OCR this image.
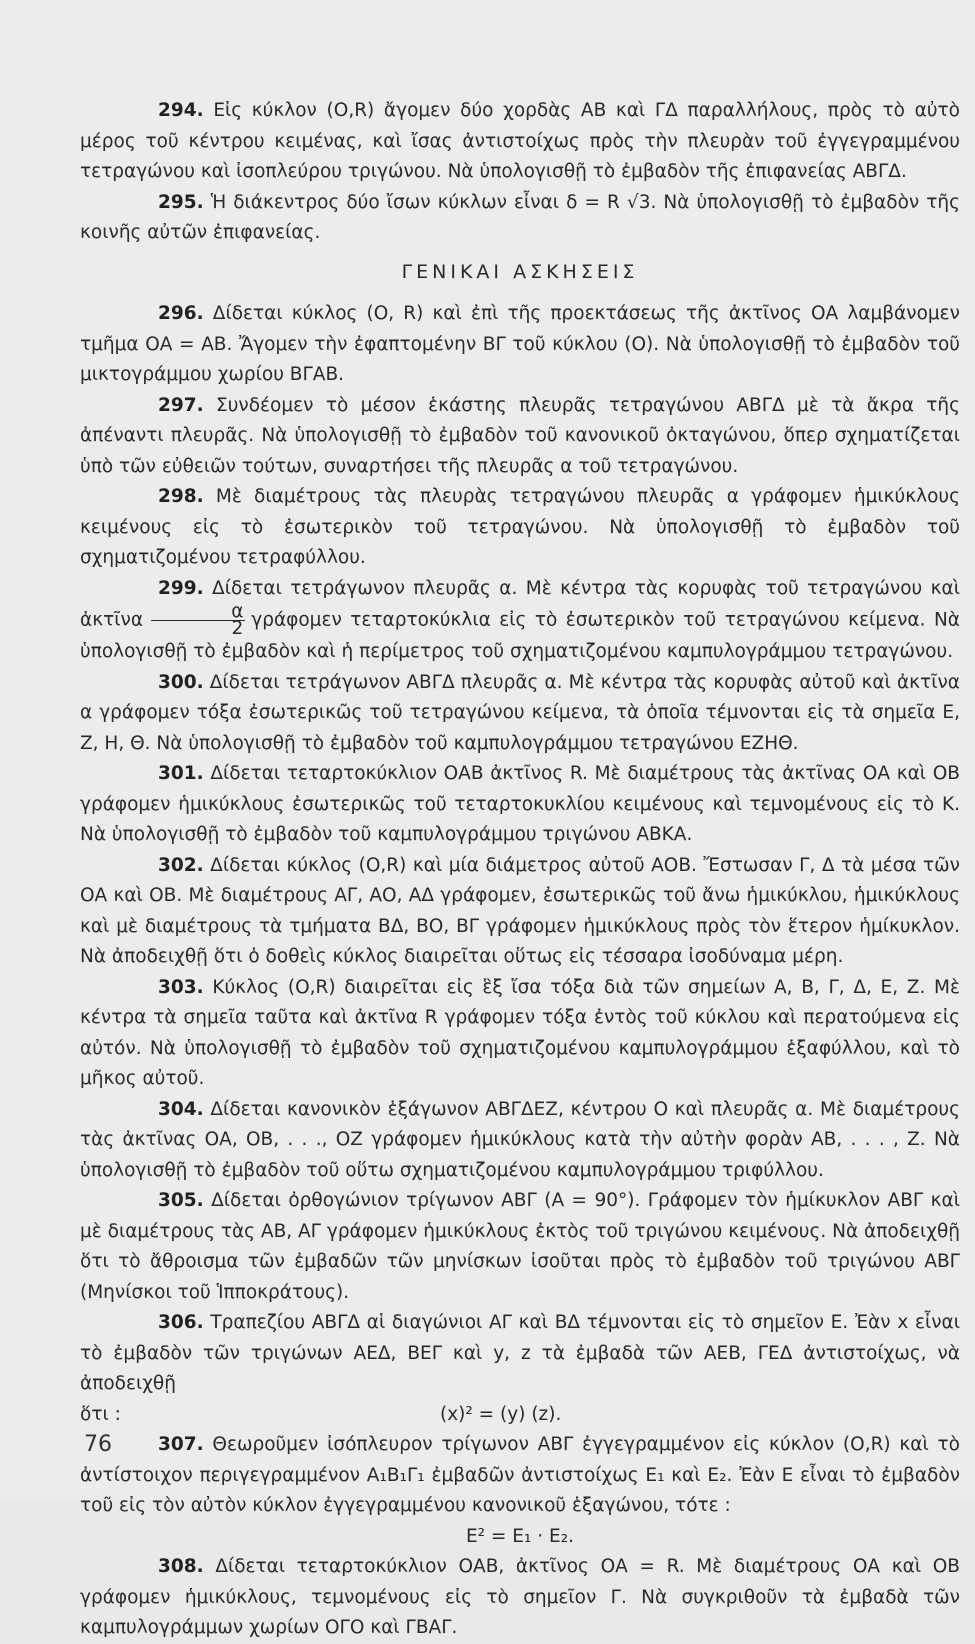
294. Εἰς κύκλον (O,R) ἄγομεν δύο χορδὰς ΑΒ καὶ ΓΔ παραλλήλους, πρὸς τὸ αὐτὸ μέρος τοῦ κέντρου κειμένας, καὶ ἴσας ἀντιστοίχως πρὸς τὴν πλευρὰν τοῦ ἐγγεγραμμένου τετραγώνου καὶ ἰσοπλεύρου τριγώνου. Νὰ ὑπολογισθῇ τὸ ἐμβαδὸν τῆς ἐπιφανείας ΑΒΓΔ.

295. Ἡ διάκεντρος δύο ἴσων κύκλων εἶναι δ = R √3. Νὰ ὑπολογισθῇ τὸ ἐμβαδὸν τῆς κοινῆς αὐτῶν ἐπιφανείας.

ΓΕΝΙΚΑΙ ΑΣΚΗΣΕΙΣ

296. Δίδεται κύκλος (Ο, R) καὶ ἐπὶ τῆς προεκτάσεως τῆς ἀκτῖνος ΟΑ λαμβάνομεν τμῆμα ΟΑ = ΑΒ. Ἄγομεν τὴν ἐφαπτομένην ΒΓ τοῦ κύκλου (Ο). Νὰ ὑπολογισθῇ τὸ ἐμβαδὸν τοῦ μικτογράμμου χωρίου ΒΓΑΒ.

297. Συνδέομεν τὸ μέσον ἑκάστης πλευρᾶς τετραγώνου ΑΒΓΔ μὲ τὰ ἄκρα τῆς ἀπέναντι πλευρᾶς. Νὰ ὑπολογισθῇ τὸ ἐμβαδὸν τοῦ κανονικοῦ ὀκταγώνου, ὅπερ σχηματίζεται ὑπὸ τῶν εὐθειῶν τούτων, συναρτήσει τῆς πλευρᾶς α τοῦ τετραγώνου.

298. Μὲ διαμέτρους τὰς πλευρὰς τετραγώνου πλευρᾶς α γράφομεν ἡμικύκλους κειμένους εἰς τὸ ἐσωτερικὸν τοῦ τετραγώνου. Νὰ ὑπολογισθῇ τὸ ἐμβαδὸν τοῦ σχηματιζομένου τετραφύλλου.

299. Δίδεται τετράγωνον πλευρᾶς α. Μὲ κέντρα τὰς κορυφὰς τοῦ τετραγώνου καὶ ἀκτῖνα $\frac{\alpha}{2}$ γράφομεν τεταρτοκύκλια εἰς τὸ ἐσωτερικὸν τοῦ τετραγώνου κείμενα. Νὰ ὑπολογισθῇ τὸ ἐμβαδὸν καὶ ἡ περίμετρος τοῦ σχηματιζομένου καμπυλογράμμου τετραγώνου.

300. Δίδεται τετράγωνον ΑΒΓΔ πλευρᾶς α. Μὲ κέντρα τὰς κορυφὰς αὐτοῦ καὶ ἀκτῖνα α γράφομεν τόξα ἐσωτερικῶς τοῦ τετραγώνου κείμενα, τὰ ὁποῖα τέμνονται εἰς τὰ σημεῖα Ε, Ζ, Η, Θ. Νὰ ὑπολογισθῇ τὸ ἐμβαδὸν τοῦ καμπυλογράμμου τετραγώνου ΕΖΗΘ.

301. Δίδεται τεταρτοκύκλιον ΟΑΒ ἀκτῖνος R. Μὲ διαμέτρους τὰς ἀκτῖνας ΟΑ καὶ ΟΒ γράφομεν ἡμικύκλους ἐσωτερικῶς τοῦ τεταρτοκυκλίου κειμένους καὶ τεμνομένους εἰς τὸ Κ. Νὰ ὑπολογισθῇ τὸ ἐμβαδὸν τοῦ καμπυλογράμμου τριγώνου ΑΒΚΑ.

302. Δίδεται κύκλος (Ο,R) καὶ μία διάμετρος αὐτοῦ ΑΟΒ. Ἔστωσαν Γ, Δ τὰ μέσα τῶν ΟΑ καὶ ΟΒ. Μὲ διαμέτρους ΑΓ, ΑΟ, ΑΔ γράφομεν, ἐσωτερικῶς τοῦ ἄνω ἡμικύκλου, ἡμικύκλους καὶ μὲ διαμέτρους τὰ τμήματα ΒΔ, ΒΟ, ΒΓ γράφομεν ἡμικύκλους πρὸς τὸν ἕτερον ἡμίκυκλον. Νὰ ἀποδειχθῇ ὅτι ὁ δοθεὶς κύκλος διαιρεῖται οὕτως εἰς τέσσαρα ἰσοδύναμα μέρη.

303. Κύκλος (Ο,R) διαιρεῖται εἰς ἓξ ἴσα τόξα διὰ τῶν σημείων Α, Β, Γ, Δ, Ε, Ζ. Μὲ κέντρα τὰ σημεῖα ταῦτα καὶ ἀκτῖνα R γράφομεν τόξα ἐντὸς τοῦ κύκλου καὶ περατούμενα εἰς αὐτόν. Νὰ ὑπολογισθῇ τὸ ἐμβαδὸν τοῦ σχηματιζομένου καμπυλογράμμου ἑξαφύλλου, καὶ τὸ μῆκος αὐτοῦ.

304. Δίδεται κανονικὸν ἑξάγωνον ΑΒΓΔΕΖ, κέντρου Ο καὶ πλευρᾶς α. Μὲ διαμέτρους τὰς ἀκτῖνας ΟΑ, ΟΒ, . . ., ΟΖ γράφομεν ἡμικύκλους κατὰ τὴν αὐτὴν φορὰν ΑΒ, . . . , Ζ. Νὰ ὑπολογισθῇ τὸ ἐμβαδὸν τοῦ οὕτω σχηματιζομένου καμπυλογράμμου τριφύλλου.

305. Δίδεται ὀρθογώνιον τρίγωνον ΑΒΓ (Α = 90°). Γράφομεν τὸν ἡμίκυκλον ΑΒΓ καὶ μὲ διαμέτρους τὰς ΑΒ, ΑΓ γράφομεν ἡμικύκλους ἐκτὸς τοῦ τριγώνου κειμένους. Νὰ ἀποδειχθῇ ὅτι τὸ ἄθροισμα τῶν ἐμβαδῶν τῶν μηνίσκων ἰσοῦται πρὸς τὸ ἐμβαδὸν τοῦ τριγώνου ΑΒΓ (Μηνίσκοι τοῦ Ἱπποκράτους).

306. Τραπεζίου ΑΒΓΔ αἱ διαγώνιοι ΑΓ καὶ ΒΔ τέμνονται εἰς τὸ σημεῖον Ε. Ἐὰν x εἶναι τὸ ἐμβαδὸν τῶν τριγώνων ΑΕΔ, ΒΕΓ καὶ y, z τὰ ἐμβαδὰ τῶν ΑΕΒ, ΓΕΔ ἀντιστοίχως, νὰ ἀποδειχθῇ

ὅτι :	(x)² = (y) (z).

307. Θεωροῦμεν ἰσόπλευρον τρίγωνον ΑΒΓ ἐγγεγραμμένον εἰς κύκλον (Ο,R) καὶ τὸ ἀντίστοιχον περιγεγραμμένον Α₁Β₁Γ₁ ἐμβαδῶν ἀντιστοίχως Ε₁ καὶ Ε₂. Ἐὰν Ε εἶναι τὸ ἐμβαδὸν τοῦ εἰς τὸν αὐτὸν κύκλον ἐγγεγραμμένου κανονικοῦ ἑξαγώνου, τότε :

Ε² = Ε₁ · Ε₂.

308. Δίδεται τεταρτοκύκλιον ΟΑΒ, ἀκτῖνος ΟΑ = R. Μὲ διαμέτρους ΟΑ καὶ ΟΒ γράφομεν ἡμικύκλους, τεμνομένους εἰς τὸ σημεῖον Γ. Νὰ συγκριθοῦν τὰ ἐμβαδὰ τῶν καμπυλογράμμων χωρίων ΟΓΟ καὶ ΓΒΑΓ.

76
